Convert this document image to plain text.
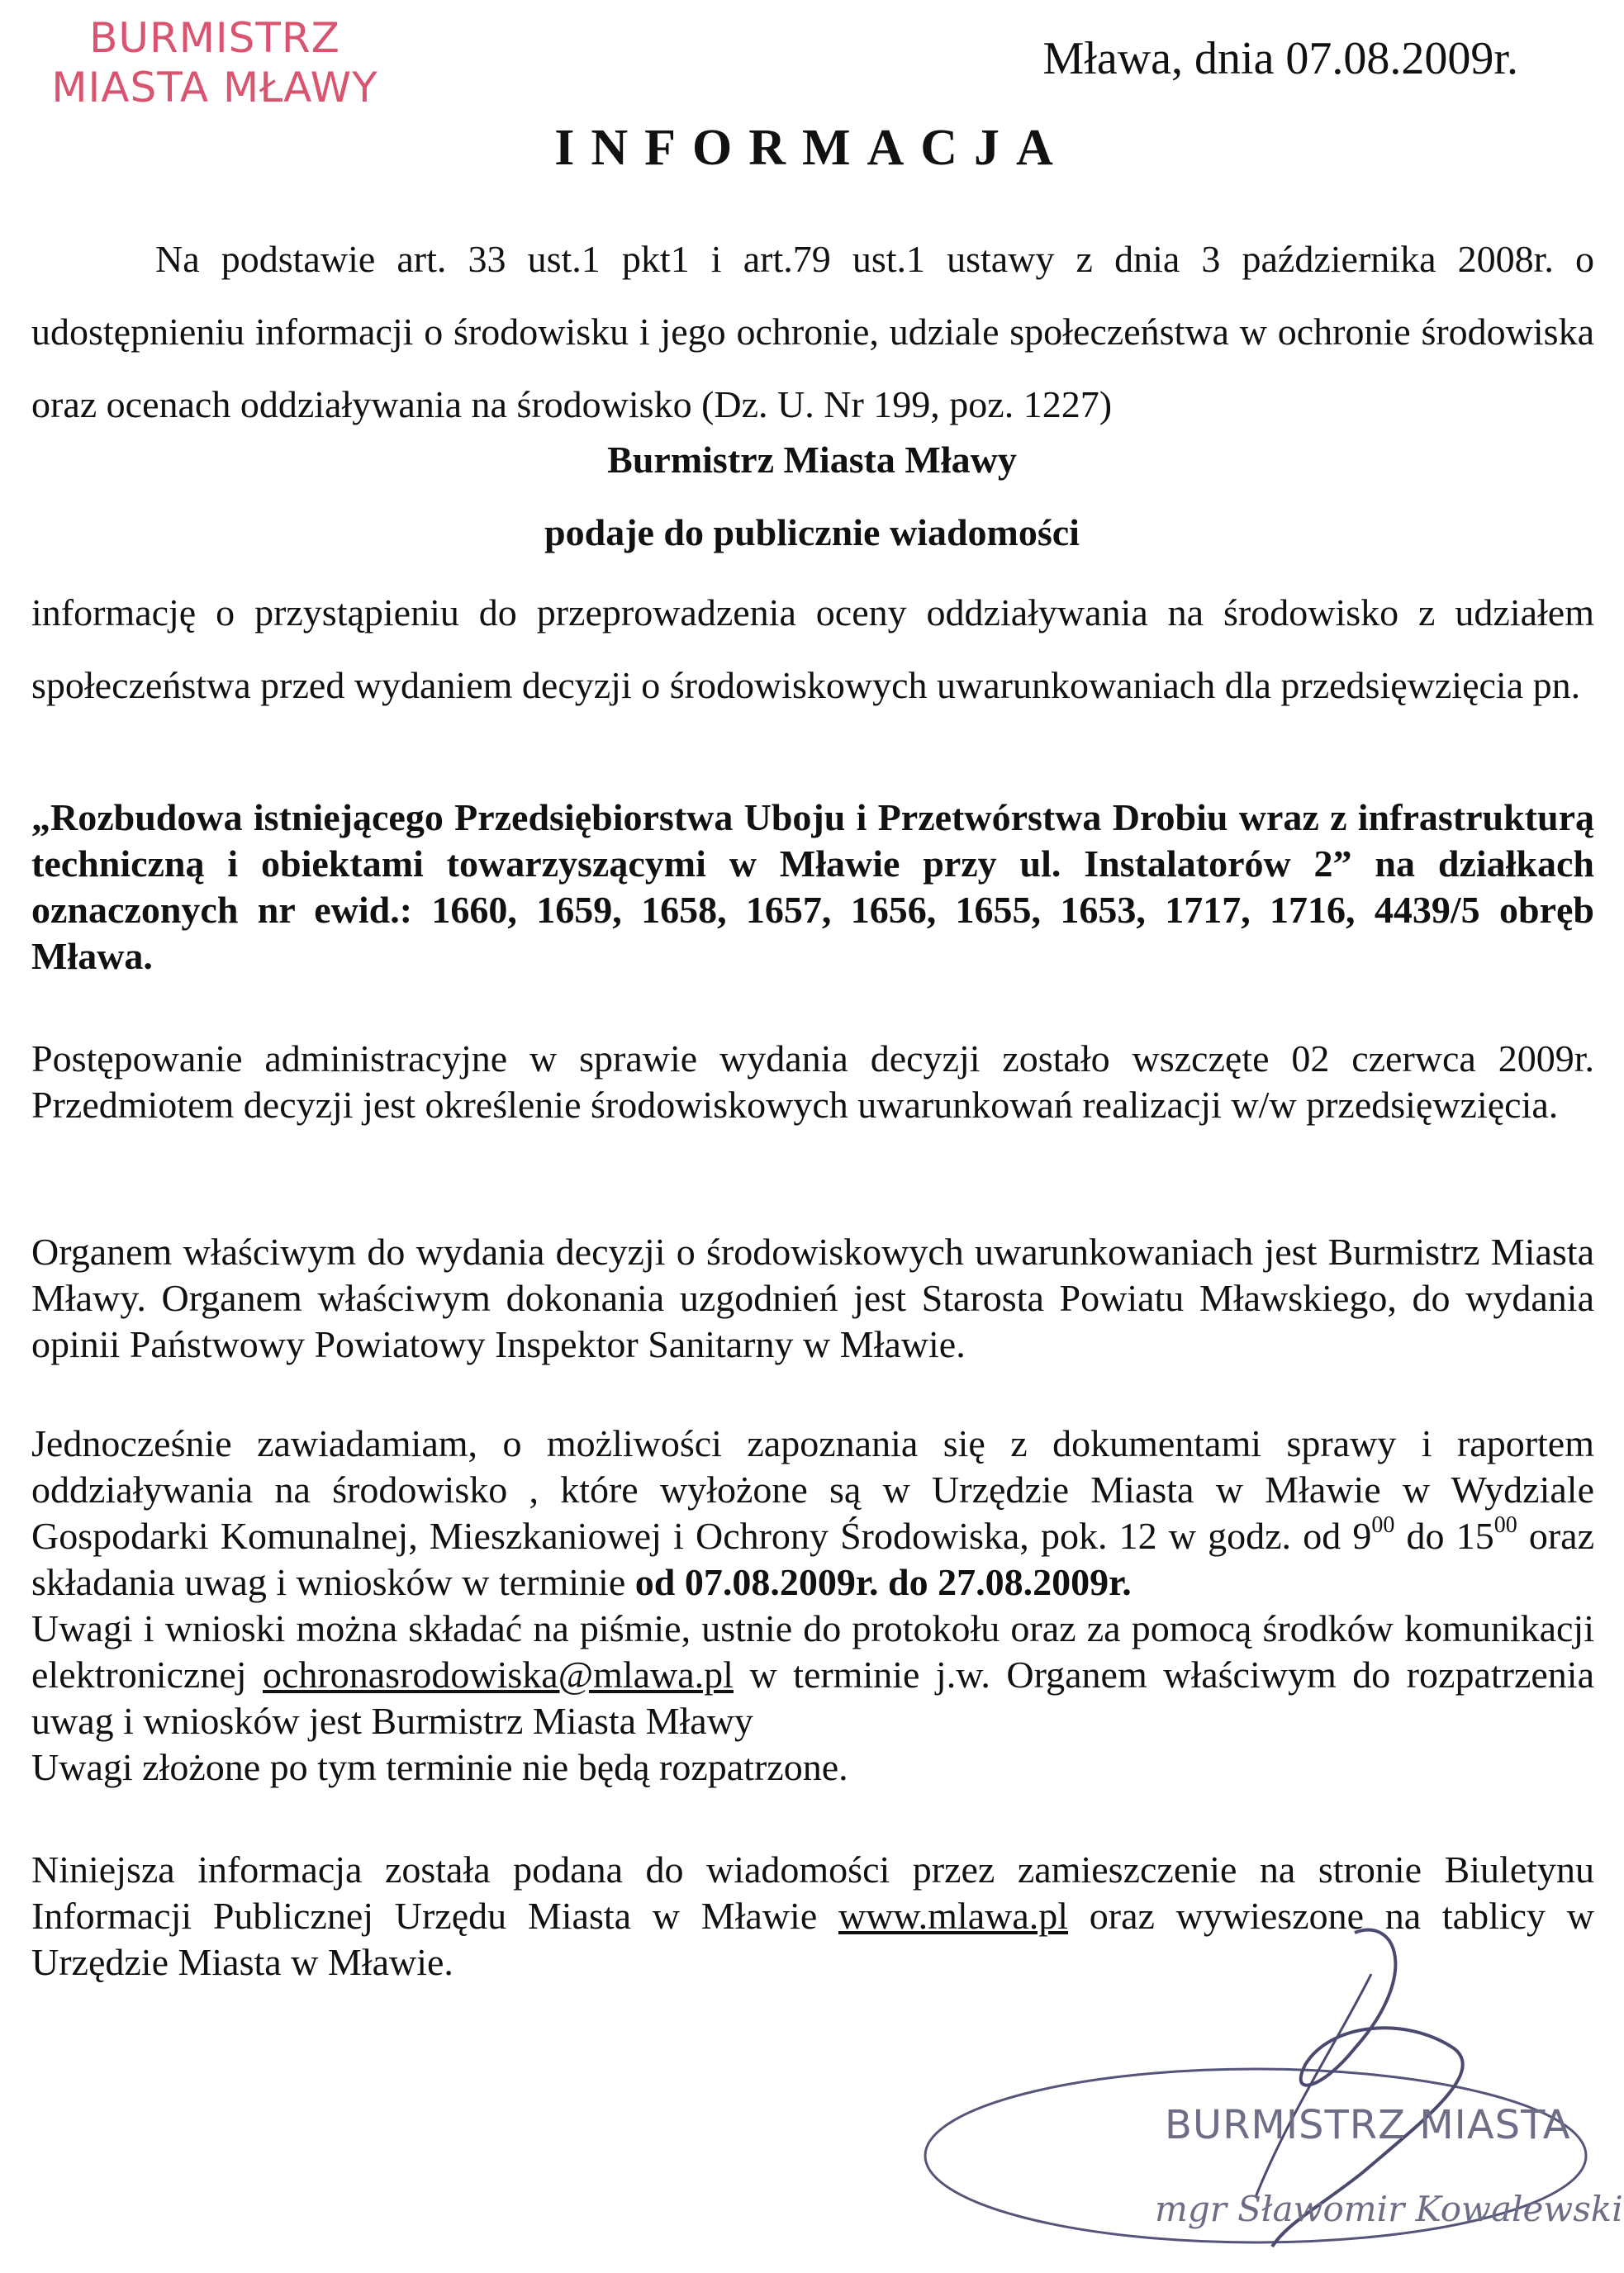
BURMISTRZ
MIASTA MŁAWY
Mława, dnia 07.08.2009r.
INFORMACJA
Na podstawie art. 33 ust.1 pkt1 i art.79 ust.1 ustawy z dnia 3 października 2008r. o udostępnieniu informacji o środowisku i jego ochronie, udziale społeczeństwa w ochronie środowiska oraz ocenach oddziaływania na środowisko (Dz. U. Nr 199, poz. 1227)
Burmistrz Miasta Mławy
podaje do publicznie wiadomości
informację o przystąpieniu do przeprowadzenia oceny oddziaływania na środowisko z udziałem społeczeństwa przed wydaniem decyzji o środowiskowych uwarunkowaniach dla przedsięwzięcia pn.
„Rozbudowa istniejącego Przedsiębiorstwa Uboju i Przetwórstwa Drobiu wraz z infrastrukturą techniczną i obiektami towarzyszącymi w Mławie przy ul. Instalatorów 2” na działkach oznaczonych nr ewid.: 1660, 1659, 1658, 1657, 1656, 1655, 1653, 1717, 1716, 4439/5 obręb Mława.
Postępowanie administracyjne w sprawie wydania decyzji zostało wszczęte 02 czerwca 2009r. Przedmiotem decyzji jest określenie środowiskowych uwarunkowań realizacji w/w przedsięwzięcia.
Organem właściwym do wydania decyzji o środowiskowych uwarunkowaniach jest Burmistrz Miasta Mławy. Organem właściwym dokonania uzgodnień jest Starosta Powiatu Mławskiego, do wydania opinii Państwowy Powiatowy Inspektor Sanitarny w Mławie.
Jednocześnie zawiadamiam, o możliwości zapoznania się z dokumentami sprawy i raportem oddziaływania na środowisko , które wyłożone są w Urzędzie Miasta w Mławie w Wydziale Gospodarki Komunalnej, Mieszkaniowej i Ochrony Środowiska, pok. 12 w godz. od $9^{00}$ do $15^{00}$ oraz składania uwag i wniosków w terminie od 07.08.2009r. do 27.08.2009r.
Uwagi i wnioski można składać na piśmie, ustnie do protokołu oraz za pomocą środków komunikacji elektronicznej ochronasrodowiska@mlawa.pl w terminie j.w. Organem właściwym do rozpatrzenia uwag i wniosków jest Burmistrz Miasta Mławy
Uwagi złożone po tym terminie nie będą rozpatrzone.
Niniejsza informacja została podana do wiadomości przez zamieszczenie na stronie Biuletynu Informacji Publicznej Urzędu Miasta w Mławie www.mlawa.pl oraz wywieszone na tablicy w Urzędzie Miasta w Mławie.
BURMISTRZ MIASTA
mgr Sławomir Kowalewski
